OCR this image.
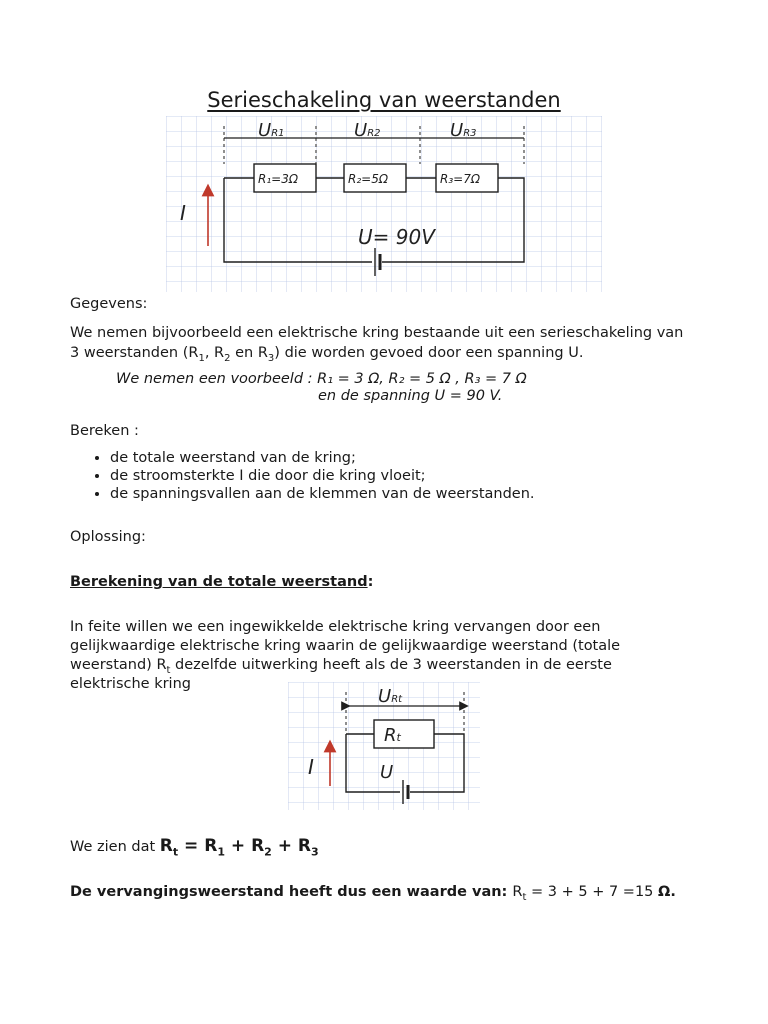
Serieschakeling van weerstanden
UR1	UR2	UR3
R₁=3Ω	R₂=5Ω	R₃=7Ω
I
U= 90V
Gegevens:
We nemen bijvoorbeeld een elektrische kring bestaande uit een serieschakeling van
3 weerstanden ($R_1$, $R_2$ en $R_3$) die worden gevoed door een spanning U.
We nemen een voorbeeld : R₁ = 3 Ω, R₂ = 5 Ω , R₃ = 7 Ω
en de spanning U = 90 V.
Bereken :
• de totale weerstand van de kring;
• de stroomsterkte I die door die kring vloeit;
• de spanningsvallen aan de klemmen van de weerstanden.
Oplossing:
Berekening van de totale weerstand:
In feite willen we een ingewikkelde elektrische kring vervangen door een
gelijkwaardige elektrische kring waarin de gelijkwaardige weerstand (totale
weerstand) $R_t$ dezelfde uitwerking heeft als de 3 weerstanden in de eerste
elektrische kring
URt
Rt
I	U
We zien dat $R_t = R_1 + R_2 + R_3$
De vervangingsweerstand heeft dus een waarde van: $R_t = 3 + 5 + 7 =15$ Ω.
